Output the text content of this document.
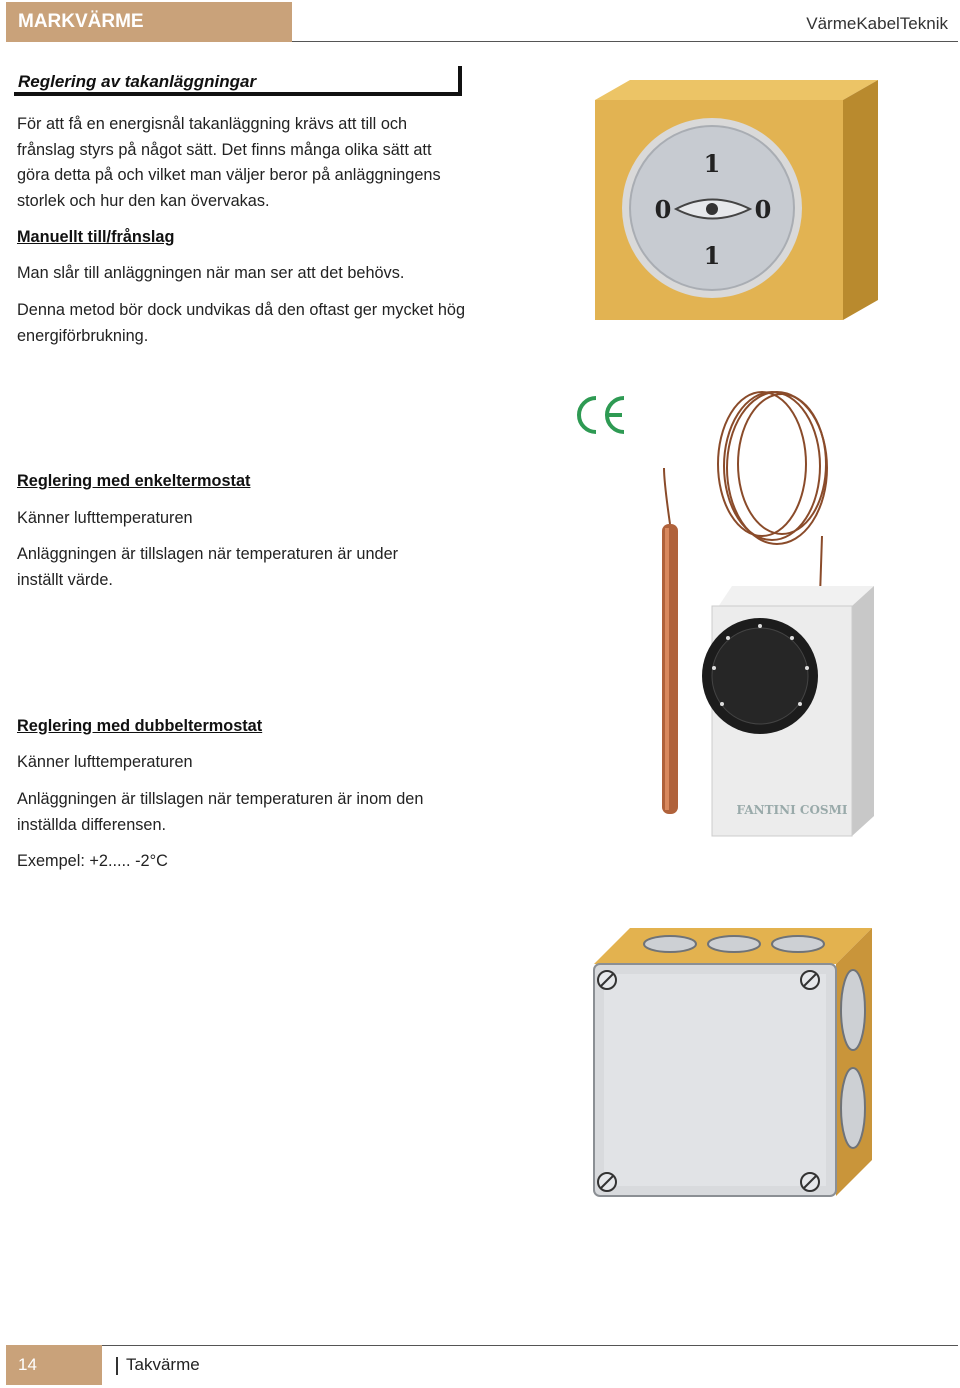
MARKVÄRME	VärmeKabelTeknik
Reglering av takanläggningar

För att få en energisnål takanläggning krävs att till och frånslag styrs på något sätt. Det finns många olika sätt att göra detta på och vilket man väljer beror på anläggningens storlek och hur den kan övervakas.

Manuellt till/frånslag

Man slår till anläggningen när man ser att det behövs.

Denna metod bör dock undvikas då den oftast ger mycket hög energiförbrukning.

Reglering med enkeltermostat

Känner lufttemperaturen

Anläggningen är tillslagen när temperaturen är under inställt värde.

Reglering med dubbeltermostat

Känner lufttemperaturen

Anläggningen är tillslagen när temperaturen är inom den inställda differensen.

Exempel: +2..... -2°C

1
1
0	0
FANTINI COSMI
14	Takvärme
